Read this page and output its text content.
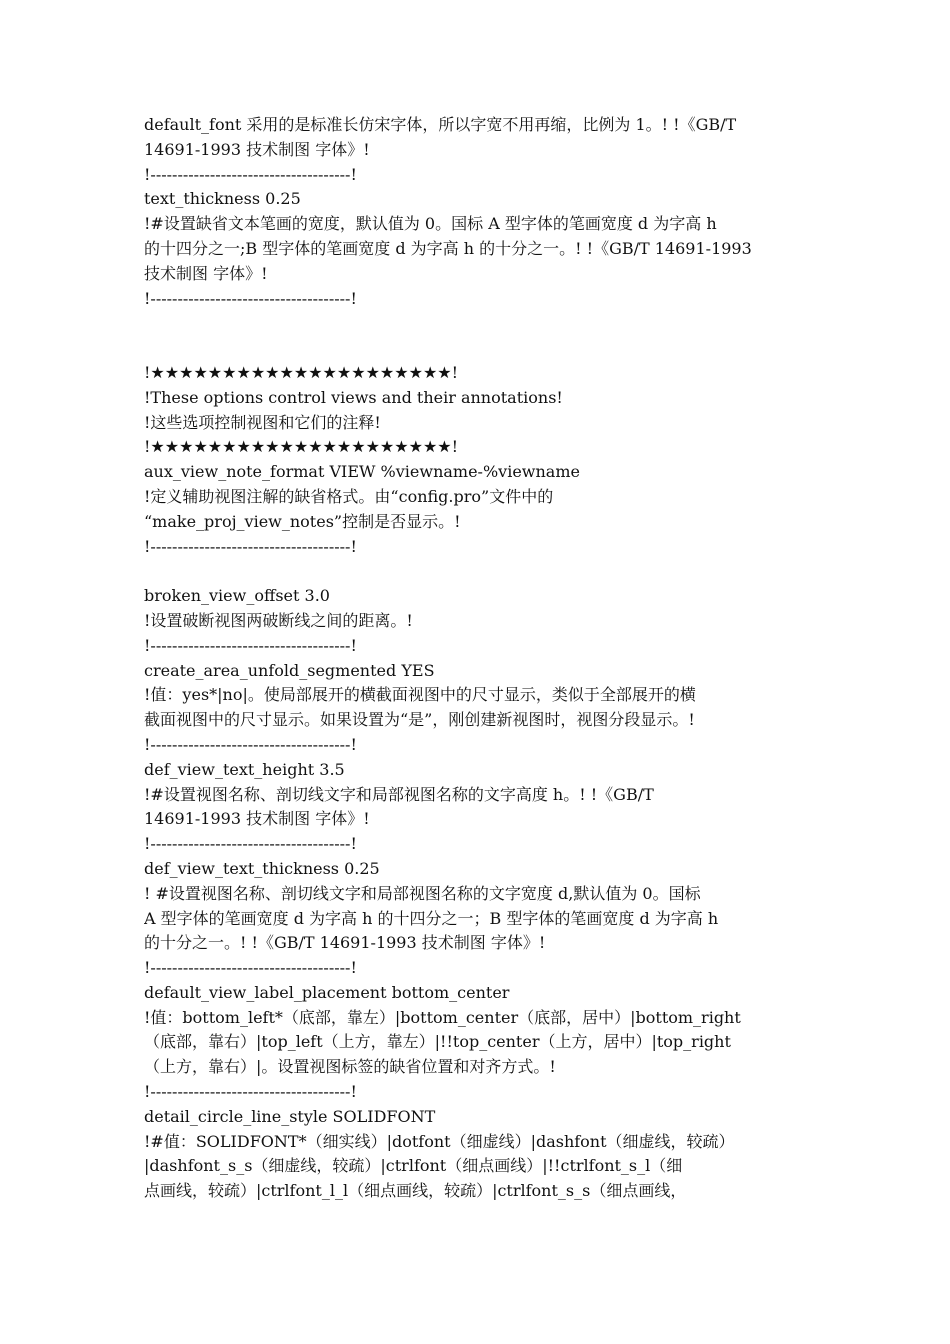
default_font 采用的是标准长仿宋字体，所以字宽不用再缩，比例为 1。! !《GB/T
14691-1993 技术制图 字体》!
!-------------------------------------!
text_thickness 0.25
!#设置缺省文本笔画的宽度，默认值为 0。国标 A 型字体的笔画宽度 d 为字高 h
的十四分之一;B 型字体的笔画宽度 d 为字高 h 的十分之一。! !《GB/T 14691-1993
技术制图 字体》!
!-------------------------------------!
!★★★★★★★★★★★★★★★★★★★★★!
!These options control views and their annotations!
!这些选项控制视图和它们的注释!
!★★★★★★★★★★★★★★★★★★★★★!
aux_view_note_format VIEW %viewname-%viewname
!定义辅助视图注解的缺省格式。由“config.pro”文件中的
“make_proj_view_notes”控制是否显示。!
!-------------------------------------!
broken_view_offset 3.0
!设置破断视图两破断线之间的距离。!
!-------------------------------------!
create_area_unfold_segmented YES
!值：yes*|no|。使局部展开的横截面视图中的尺寸显示，类似于全部展开的横
截面视图中的尺寸显示。如果设置为“是”，刚创建新视图时，视图分段显示。!
!-------------------------------------!
def_view_text_height 3.5
!#设置视图名称、剖切线文字和局部视图名称的文字高度 h。! !《GB/T
14691-1993 技术制图 字体》!
!-------------------------------------!
def_view_text_thickness 0.25
! #设置视图名称、剖切线文字和局部视图名称的文字宽度 d,默认值为 0。国标
A 型字体的笔画宽度 d 为字高 h 的十四分之一；B 型字体的笔画宽度 d 为字高 h
的十分之一。! !《GB/T 14691-1993 技术制图 字体》!
!-------------------------------------!
default_view_label_placement bottom_center
!值：bottom_left*（底部，靠左）|bottom_center（底部，居中）|bottom_right
（底部，靠右）|top_left（上方，靠左）|!!top_center（上方，居中）|top_right
（上方，靠右）|。设置视图标签的缺省位置和对齐方式。!
!-------------------------------------!
detail_circle_line_style SOLIDFONT
!#值：SOLIDFONT*（细实线）|dotfont（细虚线）|dashfont（细虚线，较疏）
|dashfont_s_s（细虚线，较疏）|ctrlfont（细点画线）|!!ctrlfont_s_l（细
点画线，较疏）|ctrlfont_l_l（细点画线，较疏）|ctrlfont_s_s（细点画线，
